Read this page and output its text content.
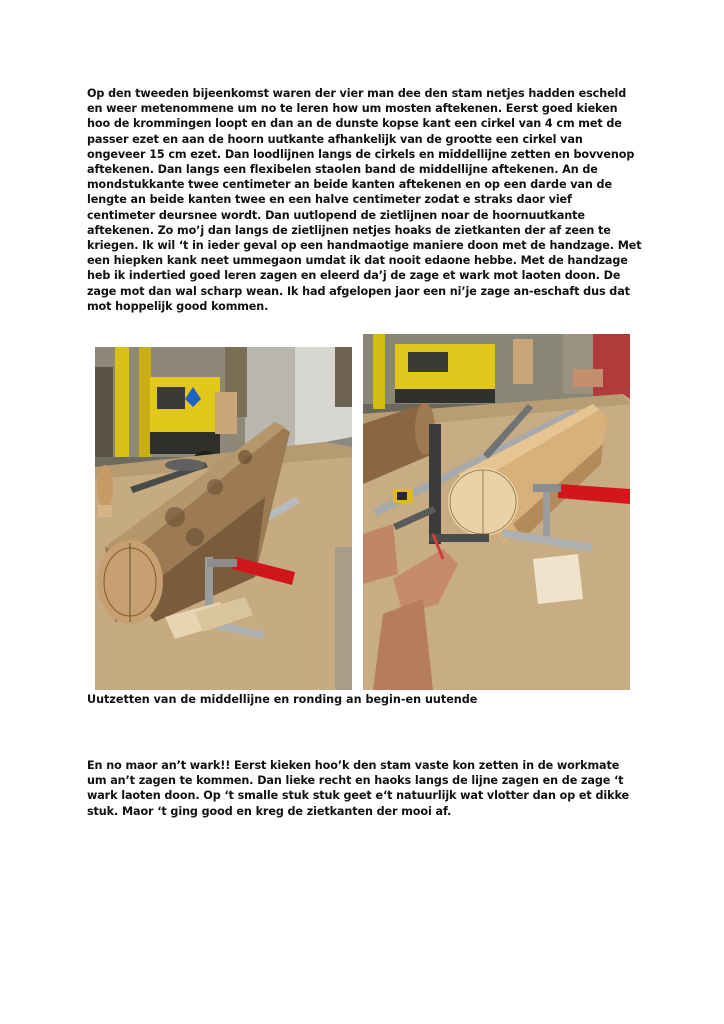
Op den tweeden bijeenkomst waren der vier man dee den stam netjes hadden escheld en weer metenommene um no te leren how um mosten aftekenen. Eerst goed kieken hoo de krommingen loopt en dan an de dunste kopse kant een cirkel van 4 cm met de passer ezet en aan de hoorn uutkante afhankelijk van de grootte een cirkel van ongeveer 15 cm ezet. Dan loodlijnen langs de cirkels en middellijne zetten en bovvenop aftekenen. Dan langs een flexibelen staolen band de middellijne aftekenen. An de mondstukkante twee centimeter an beide kanten aftekenen en op een darde van de lengte an beide kanten twee en een halve centimeter zodat e straks daor vief centimeter deursnee wordt. Dan uutlopend de zietlijnen noar de hoornuutkante aftekenen. Zo mo’j dan langs de zietlijnen netjes hoaks de zietkanten der af zeen te kriegen. Ik wil ‘t in ieder geval op een handmaotige maniere doon met de handzage. Met een hiepken kank neet ummegaon umdat ik dat nooit edaone hebbe. Met de handzage heb ik indertied goed leren zagen en eleerd da’j de zage et wark mot laoten doon. De zage mot dan wal scharp wean. Ik had afgelopen jaor een ni’je zage an-eschaft dus dat mot hoppelijk good kommen.

Uutzetten van de middellijne en ronding an begin-en uutende

En no maor an’t wark!! Eerst kieken hoo’k den stam vaste kon zetten in de workmate um an’t zagen te kommen. Dan lieke recht en haoks langs de lijne zagen en de zage ‘t wark laoten doon. Op ‘t smalle stuk stuk geet e‘t natuurlijk wat vlotter dan op et dikke stuk. Maor ‘t ging good en kreg de zietkanten der mooi af.
